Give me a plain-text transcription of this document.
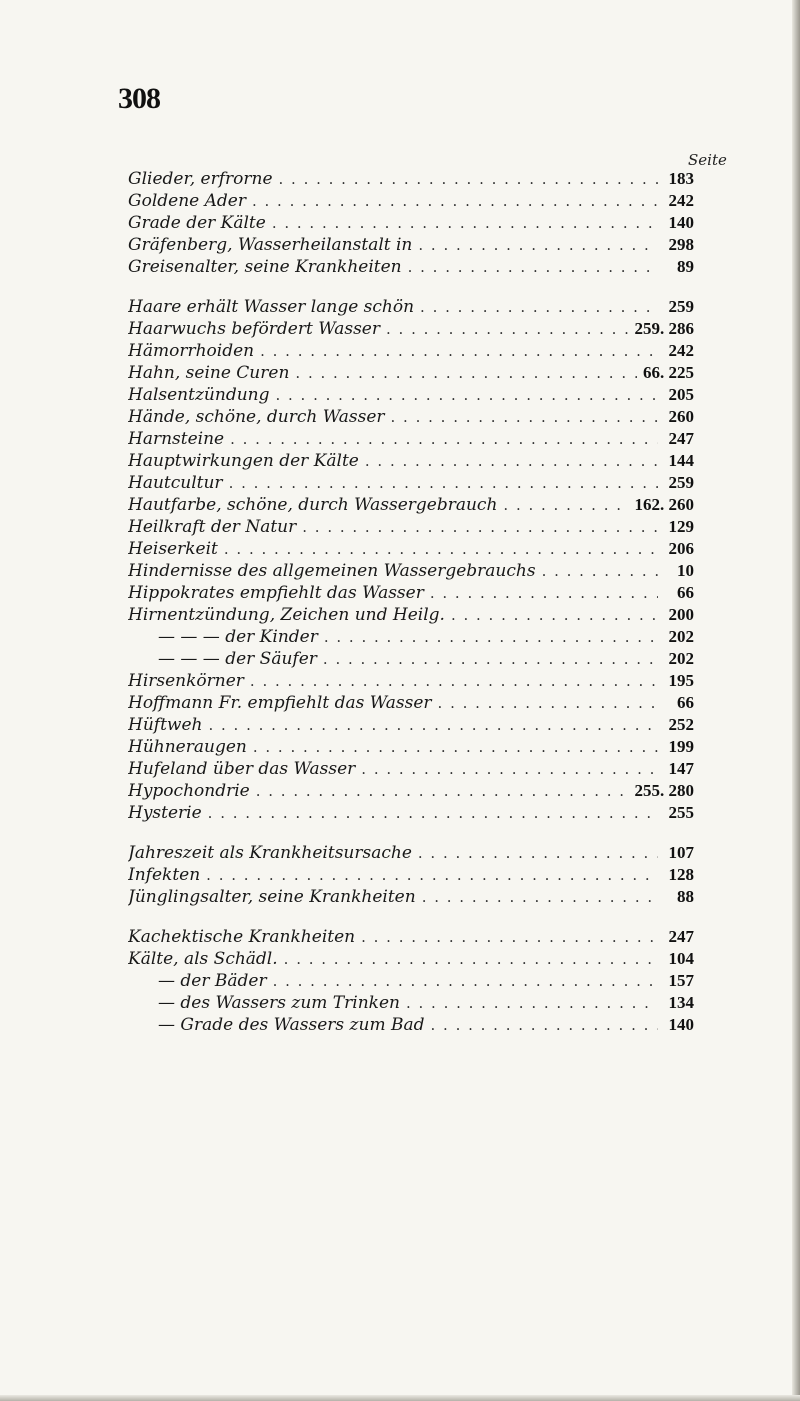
308
Seite
Glieder, erfrorne . . .	183
Goldene Ader . . .	242
Grade der Kälte . . .	140
Gräfenberg, Wasserheilanstalt in . . .	298
Greisenalter, seine Krankheiten . . .	89
Haare erhält Wasser lange schön . . .	259
Haarwuchs befördert Wasser . . .	259. 286
Hämorrhoiden . . .	242
Hahn, seine Curen . . .	66. 225
Halsentzündung . . .	205
Hände, schöne, durch Wasser . . .	260
Harnsteine . . .	247
Hauptwirkungen der Kälte . . .	144
Hautcultur . . .	259
Hautfarbe, schöne, durch Wassergebrauch . . .	162. 260
Heilkraft der Natur . . .	129
Heiserkeit . . .	206
Hindernisse des allgemeinen Wassergebrauchs . . .	10
Hippokrates empfiehlt das Wasser . . .	66
Hirnentzündung, Zeichen und Heilg. . . .	200
— — — der Kinder . . .	202
— — — der Säufer . . .	202
Hirsenkörner . . .	195
Hoffmann Fr. empfiehlt das Wasser . . .	66
Hüftweh . . .	252
Hühneraugen . . .	199
Hufeland über das Wasser . . .	147
Hypochondrie . . .	255. 280
Hysterie . . .	255
Jahreszeit als Krankheitsursache . . .	107
Infekten . . .	128
Jünglingsalter, seine Krankheiten . . .	88
Kachektische Krankheiten . . .	247
Kälte, als Schädl. . . .	104
— der Bäder . . .	157
— des Wassers zum Trinken . . .	134
— Grade des Wassers zum Bad . . .	140
